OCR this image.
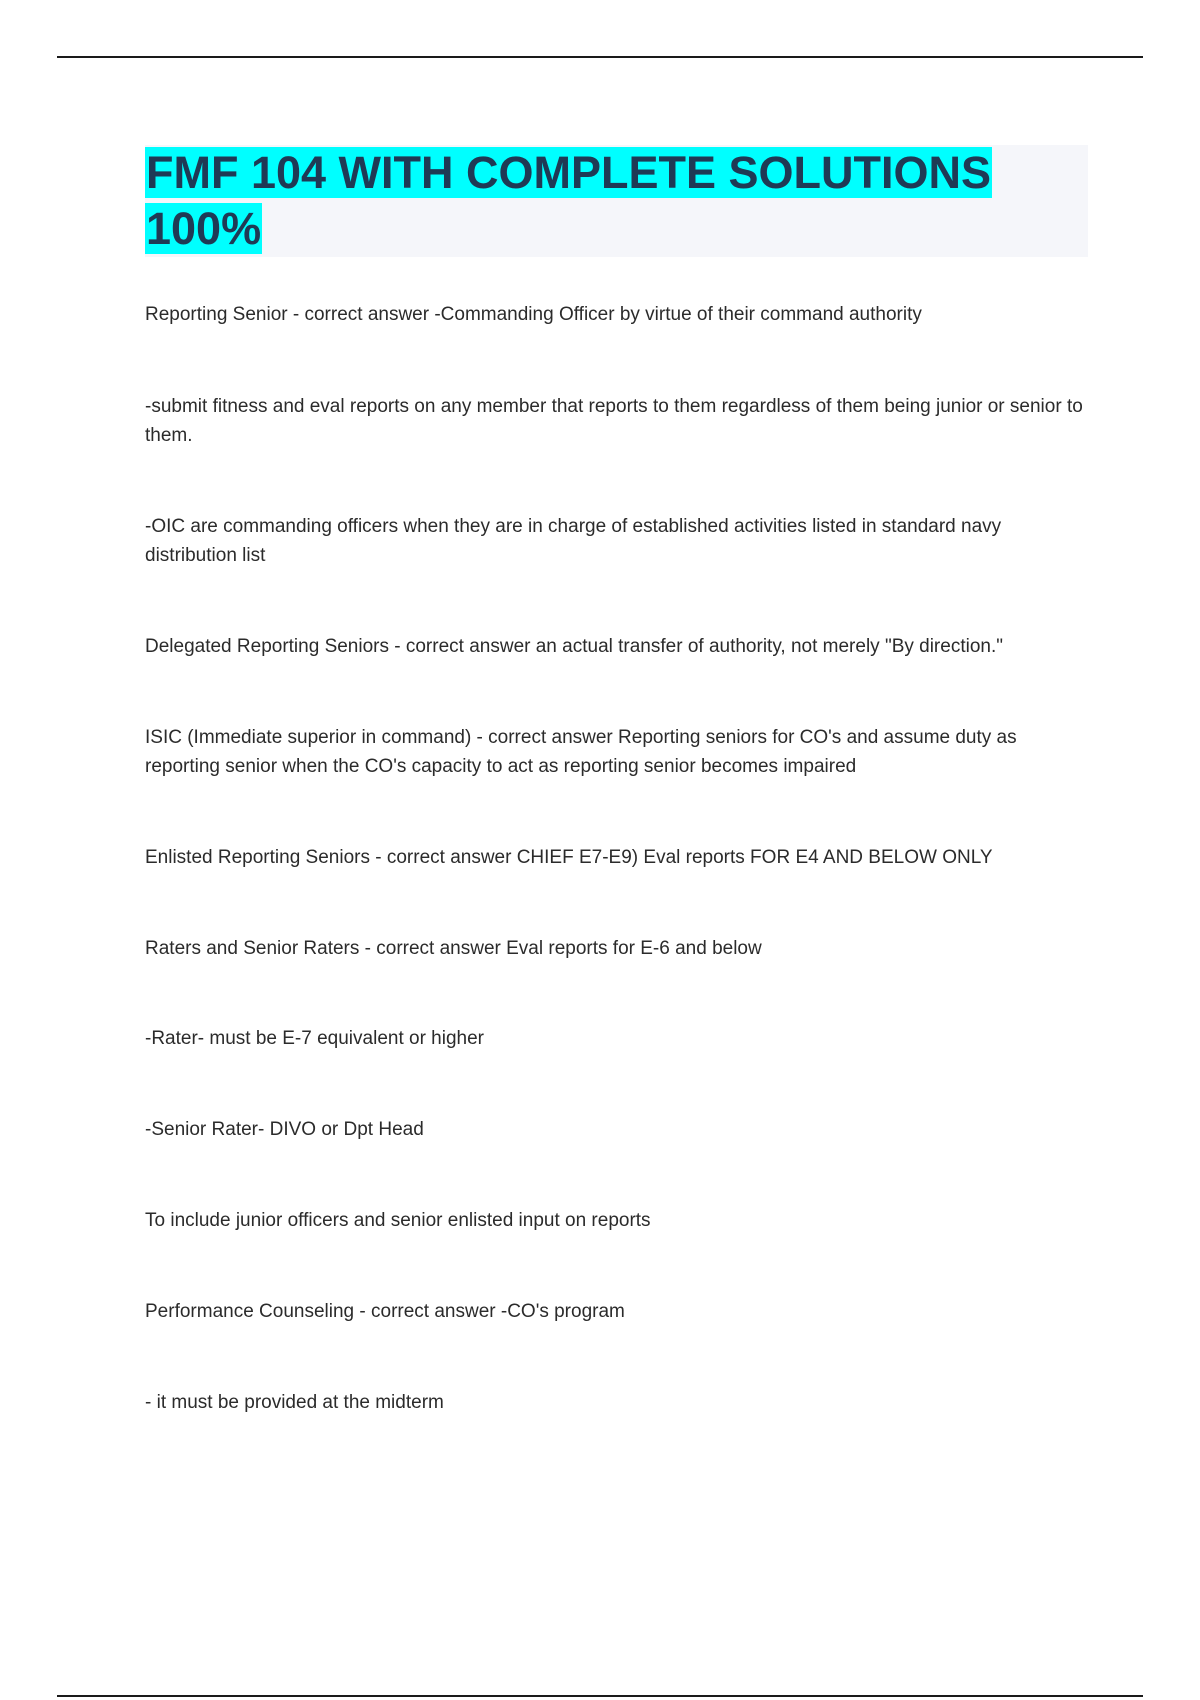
FMF 104 WITH COMPLETE SOLUTIONS 100%

Reporting Senior - correct answer -Commanding Officer by virtue of their command authority

-submit fitness and eval reports on any member that reports to them regardless of them being junior or senior to them.

-OIC are commanding officers when they are in charge of established activities listed in standard navy distribution list

Delegated Reporting Seniors - correct answer an actual transfer of authority, not merely "By direction."

ISIC (Immediate superior in command) - correct answer Reporting seniors for CO's and assume duty as reporting senior when the CO's capacity to act as reporting senior becomes impaired

Enlisted Reporting Seniors - correct answer CHIEF E7-E9) Eval reports FOR E4 AND BELOW ONLY

Raters and Senior Raters - correct answer Eval reports for E-6 and below

-Rater- must be E-7 equivalent or higher

-Senior Rater- DIVO or Dpt Head

To include junior officers and senior enlisted input on reports

Performance Counseling - correct answer -CO's program

- it must be provided at the midterm
